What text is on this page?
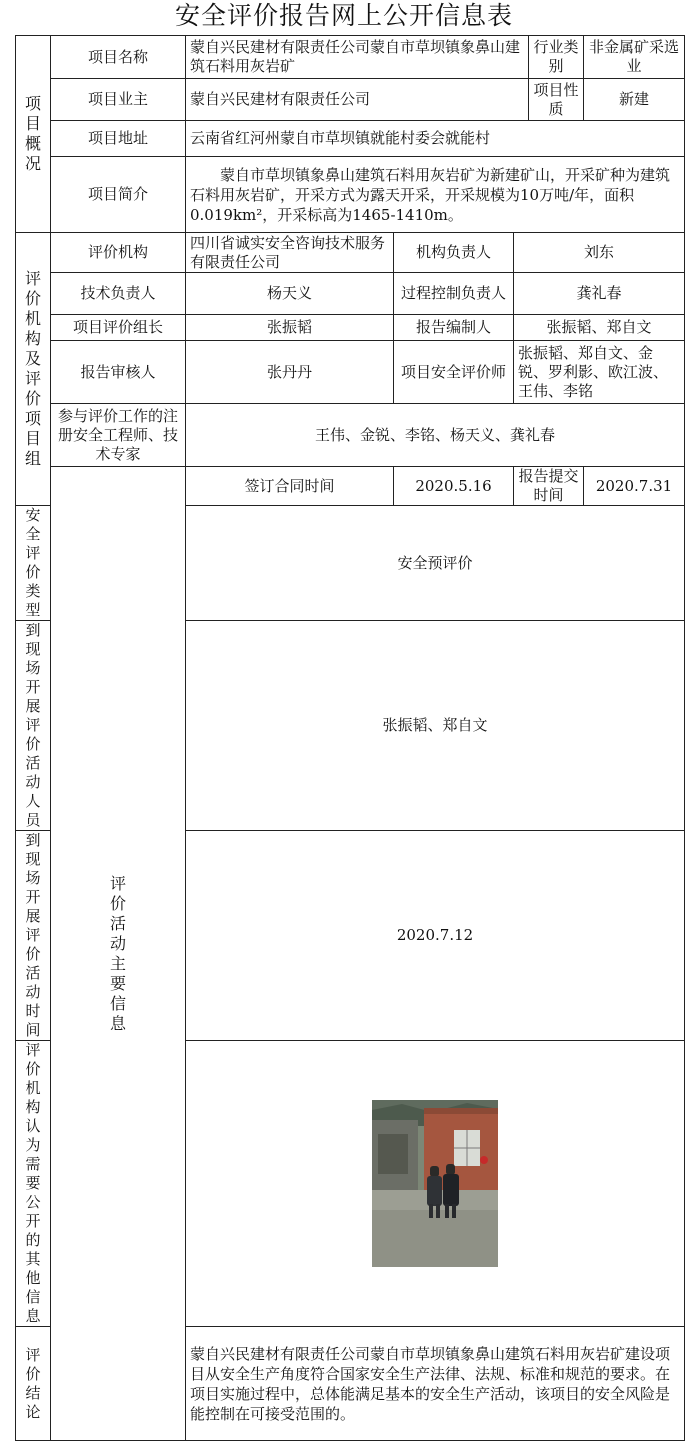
安全评价报告网上公开信息表
项目概况	项目名称	蒙自兴民建材有限责任公司蒙自市草坝镇象鼻山建筑石料用灰岩矿			行业类别	非金属矿采选业
	项目业主	蒙自兴民建材有限责任公司			项目性质	新建
	项目地址	云南省红河州蒙自市草坝镇就能村委会就能村				
	项目简介	蒙自市草坝镇象鼻山建筑石料用灰岩矿为新建矿山，开采矿种为建筑石料用灰岩矿，开采方式为露天开采，开采规模为10万吨/年，面积0.019km²，开采标高为1465-1410m。				
评价机构及评价项目组	评价机构	四川省诚实安全咨询技术服务有限责任公司	机构负责人	刘东		
	技术负责人	杨天义	过程控制负责人	龚礼春		
	项目评价组长	张振韬	报告编制人	张振韬、郑自文		
	报告审核人	张丹丹	项目安全评价师	张振韬、郑自文、金锐、罗利影、欧江波、王伟、李铭		
	参与评价工作的注册安全工程师、技术专家	王伟、金锐、李铭、杨天义、龚礼春				
	评价活动主要信息	签订合同时间	2020.5.16	报告提交时间		2020.7.31
安全评价类型		安全预评价				
到现场开展评价活动人员		张振韬、郑自文				
到现场开展评价活动时间		2020.7.12				
评价机构认为需要公开的其他信息	

评价结论		蒙自兴民建材有限责任公司蒙自市草坝镇象鼻山建筑石料用灰岩矿建设项目从安全生产角度符合国家安全生产法律、法规、标准和规范的要求。在项目实施过程中，总体能满足基本的安全生产活动，该项目的安全风险是能控制在可接受范围的。				
